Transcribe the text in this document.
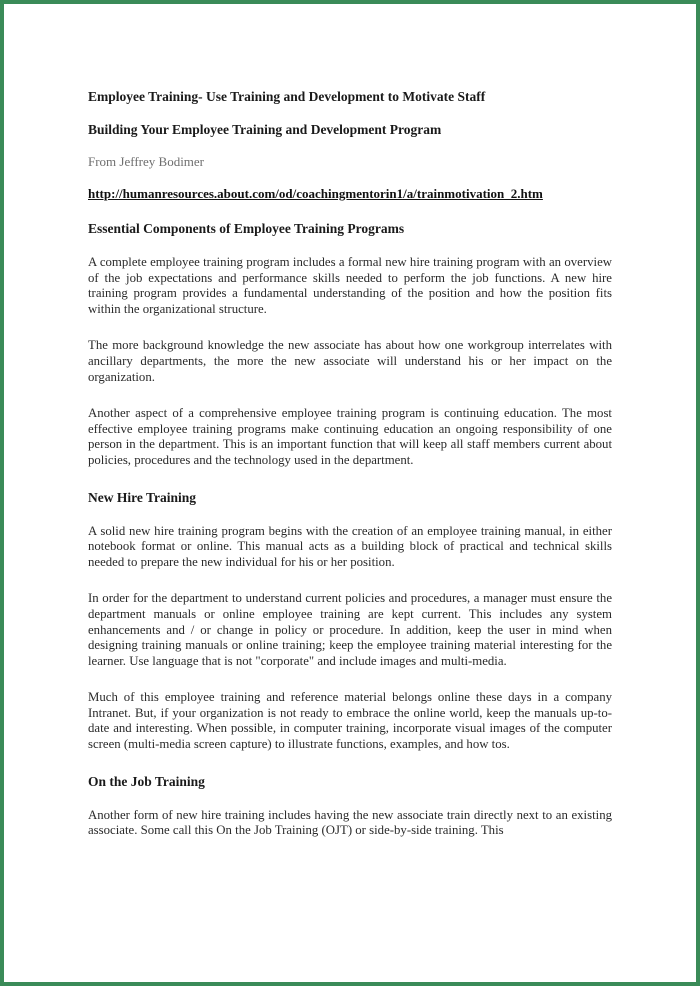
Employee Training- Use Training and Development to Motivate Staff
Building Your Employee Training and Development Program
From Jeffrey Bodimer
http://humanresources.about.com/od/coachingmentorin1/a/trainmotivation_2.htm
Essential Components of Employee Training Programs

A complete employee training program includes a formal new hire training program with an overview of the job expectations and performance skills needed to perform the job functions. A new hire training program provides a fundamental understanding of the position and how the position fits within the organizational structure.

The more background knowledge the new associate has about how one workgroup interrelates with ancillary departments, the more the new associate will understand his or her impact on the organization.

Another aspect of a comprehensive employee training program is continuing education. The most effective employee training programs make continuing education an ongoing responsibility of one person in the department. This is an important function that will keep all staff members current about policies, procedures and the technology used in the department.

New Hire Training

A solid new hire training program begins with the creation of an employee training manual, in either notebook format or online. This manual acts as a building block of practical and technical skills needed to prepare the new individual for his or her position.

In order for the department to understand current policies and procedures, a manager must ensure the department manuals or online employee training are kept current. This includes any system enhancements and / or change in policy or procedure. In addition, keep the user in mind when designing training manuals or online training; keep the employee training material interesting for the learner. Use language that is not "corporate" and include images and multi-media.

Much of this employee training and reference material belongs online these days in a company Intranet. But, if your organization is not ready to embrace the online world, keep the manuals up-to-date and interesting. When possible, in computer training, incorporate visual images of the computer screen (multi-media screen capture) to illustrate functions, examples, and how tos.

On the Job Training

Another form of new hire training includes having the new associate train directly next to an existing associate. Some call this On the Job Training (OJT) or side-by-side training. This
